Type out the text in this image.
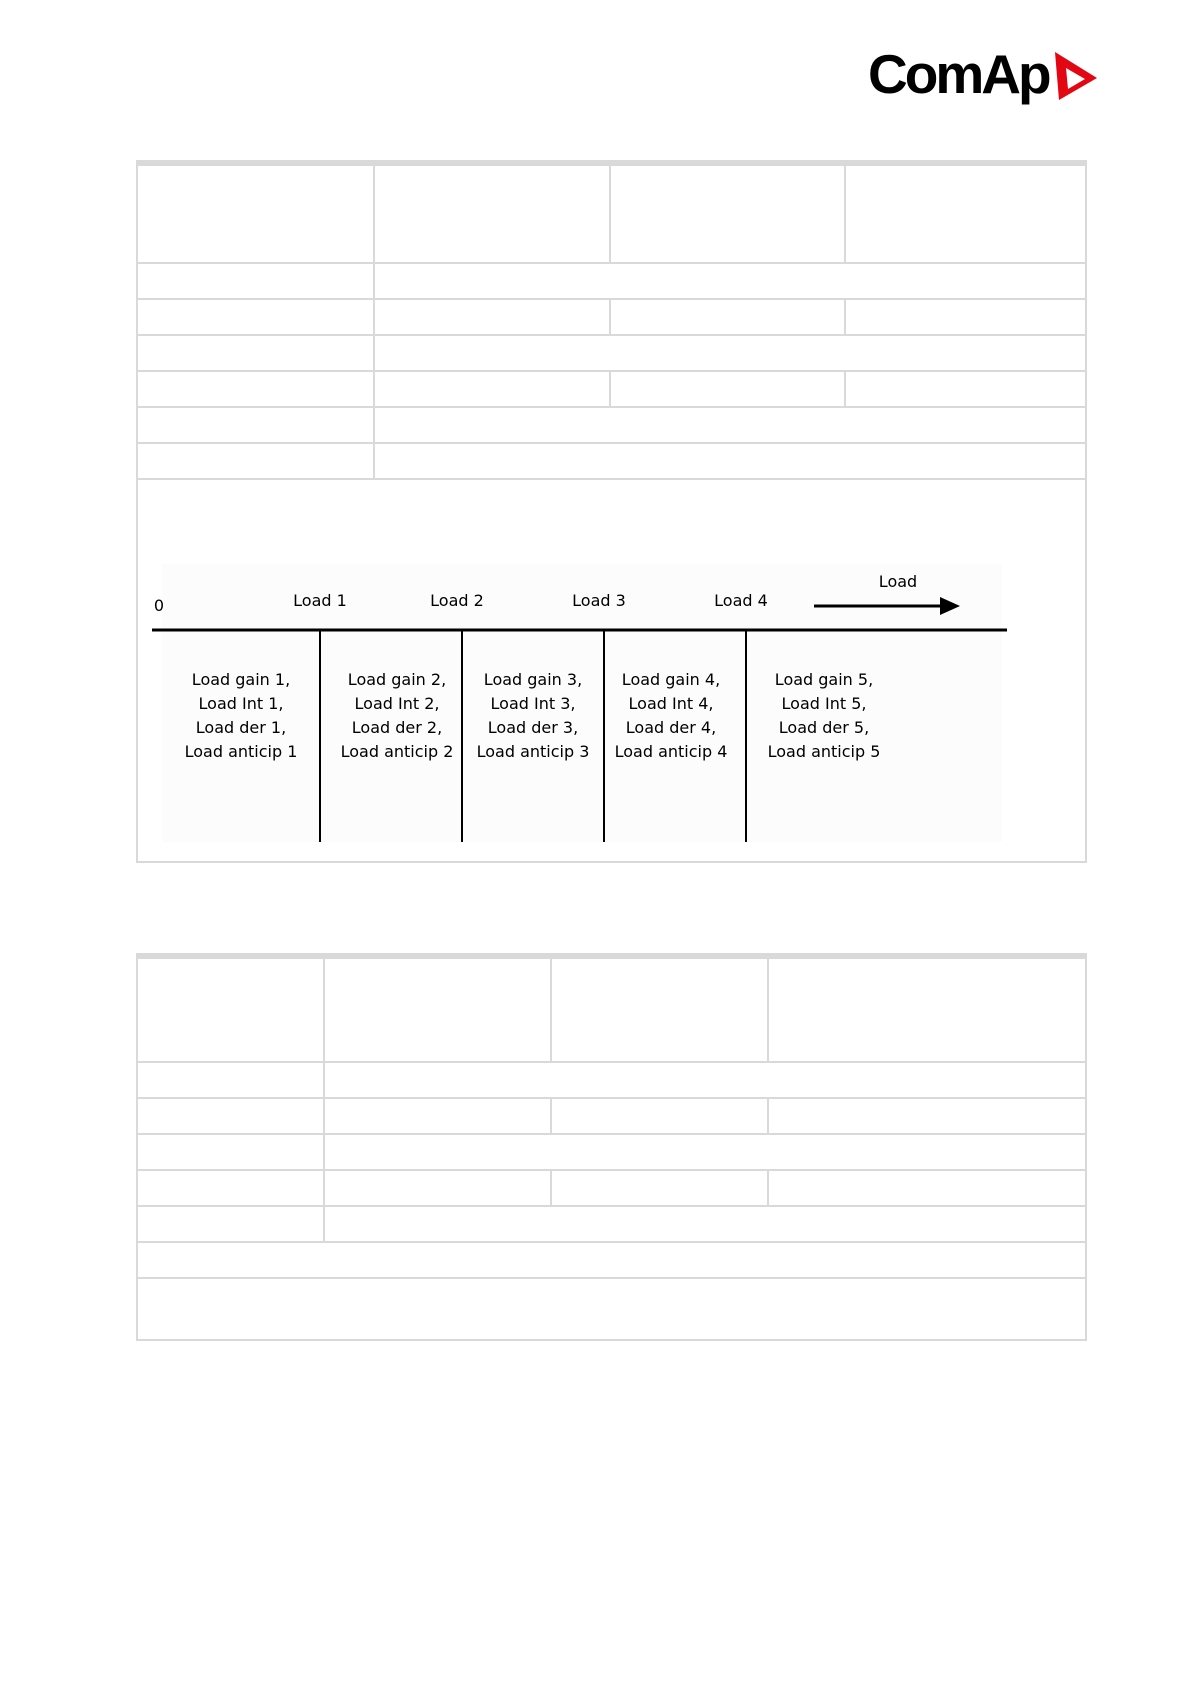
ComAp
0
Load
Load 1	Load 2	Load 3	Load 4
Load gain 1,
Load Int 1,
Load der 1,
Load anticip 1
Load gain 2,
Load Int 2,
Load der 2,
Load anticip 2
Load gain 3,
Load Int 3,
Load der 3,
Load anticip 3
Load gain 4,
Load Int 4,
Load der 4,
Load anticip 4
Load gain 5,
Load Int 5,
Load der 5,
Load anticip 5
